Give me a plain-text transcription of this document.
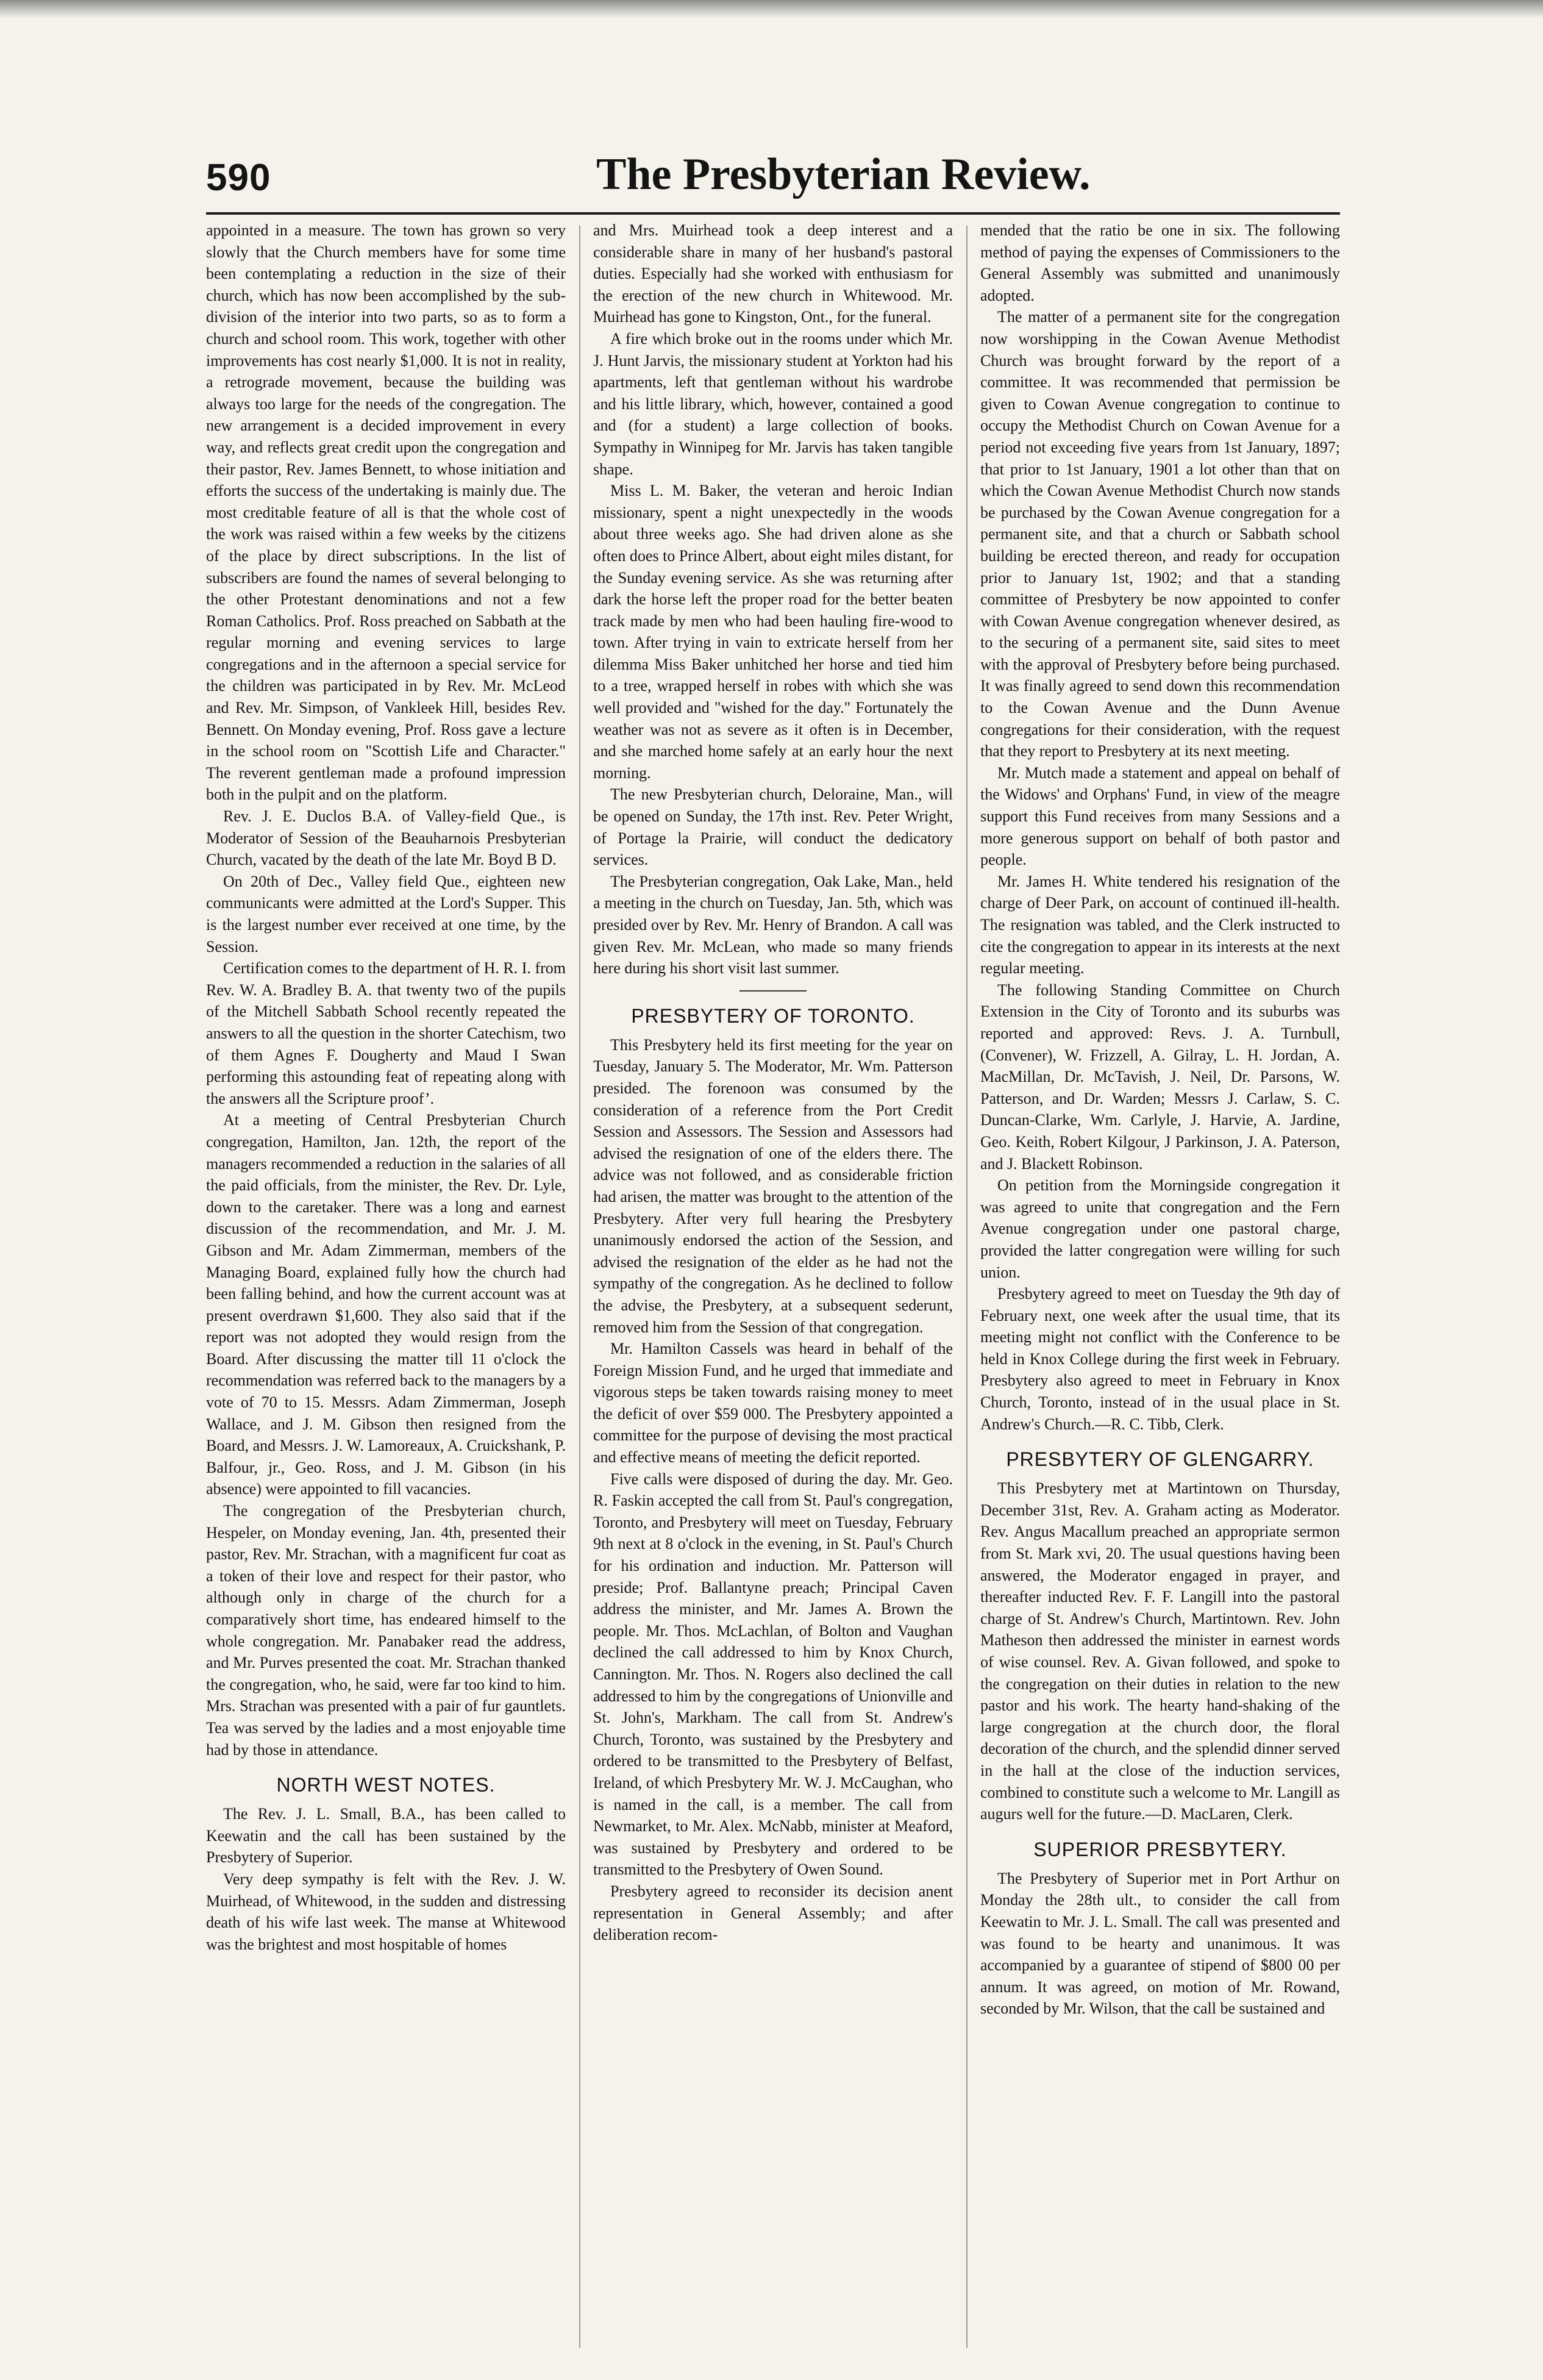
590	The Presbyterian Review.

appointed in a measure. The town has grown so very slowly that the Church members have for some time been contemplating a reduction in the size of their church, which has now been accomplished by the sub-division of the interior into two parts, so as to form a church and school room. This work, together with other improvements has cost nearly $1,000. It is not in reality, a retrograde movement, because the building was always too large for the needs of the congregation. The new arrangement is a decided improvement in every way, and reflects great credit upon the congregation and their pastor, Rev. James Bennett, to whose initiation and efforts the success of the undertaking is mainly due. The most creditable feature of all is that the whole cost of the work was raised within a few weeks by the citizens of the place by direct subscriptions. In the list of subscribers are found the names of several belonging to the other Protestant denominations and not a few Roman Catholics. Prof. Ross preached on Sabbath at the regular morning and evening services to large congregations and in the afternoon a special service for the children was participated in by Rev. Mr. McLeod and Rev. Mr. Simpson, of Vankleek Hill, besides Rev. Bennett. On Monday evening, Prof. Ross gave a lecture in the school room on "Scottish Life and Character." The reverent gentleman made a profound impression both in the pulpit and on the platform.

Rev. J. E. Duclos B.A. of Valley-field Que., is Moderator of Session of the Beauharnois Presbyterian Church, vacated by the death of the late Mr. Boyd B D.

On 20th of Dec., Valley field Que., eighteen new communicants were admitted at the Lord's Supper. This is the largest number ever received at one time, by the Session.

Certification comes to the department of H. R. I. from Rev. W. A. Bradley B. A. that twenty two of the pupils of the Mitchell Sabbath School recently repeated the answers to all the question in the shorter Catechism, two of them Agnes F. Dougherty and Maud I Swan performing this astounding feat of repeating along with the answers all the Scripture proof’.

At a meeting of Central Presbyterian Church congregation, Hamilton, Jan. 12th, the report of the managers recommended a reduction in the salaries of all the paid officials, from the minister, the Rev. Dr. Lyle, down to the caretaker. There was a long and earnest discussion of the recommendation, and Mr. J. M. Gibson and Mr. Adam Zimmerman, members of the Managing Board, explained fully how the church had been falling behind, and how the current account was at present overdrawn $1,600. They also said that if the report was not adopted they would resign from the Board. After discussing the matter till 11 o'clock the recommendation was referred back to the managers by a vote of 70 to 15. Messrs. Adam Zimmerman, Joseph Wallace, and J. M. Gibson then resigned from the Board, and Messrs. J. W. Lamoreaux, A. Cruickshank, P. Balfour, jr., Geo. Ross, and J. M. Gibson (in his absence) were appointed to fill vacancies.

The congregation of the Presbyterian church, Hespeler, on Monday evening, Jan. 4th, presented their pastor, Rev. Mr. Strachan, with a magnificent fur coat as a token of their love and respect for their pastor, who although only in charge of the church for a comparatively short time, has endeared himself to the whole congregation. Mr. Panabaker read the address, and Mr. Purves presented the coat. Mr. Strachan thanked the congregation, who, he said, were far too kind to him. Mrs. Strachan was presented with a pair of fur gauntlets. Tea was served by the ladies and a most enjoyable time had by those in attendance.

NORTH WEST NOTES.

The Rev. J. L. Small, B.A., has been called to Keewatin and the call has been sustained by the Presbytery of Superior.

Very deep sympathy is felt with the Rev. J. W. Muirhead, of Whitewood, in the sudden and distressing death of his wife last week. The manse at Whitewood was the brightest and most hospitable of homes

and Mrs. Muirhead took a deep interest and a considerable share in many of her husband's pastoral duties. Especially had she worked with enthusiasm for the erection of the new church in Whitewood. Mr. Muirhead has gone to Kingston, Ont., for the funeral.

A fire which broke out in the rooms under which Mr. J. Hunt Jarvis, the missionary student at Yorkton had his apartments, left that gentleman without his wardrobe and his little library, which, however, contained a good and (for a student) a large collection of books. Sympathy in Winnipeg for Mr. Jarvis has taken tangible shape.

Miss L. M. Baker, the veteran and heroic Indian missionary, spent a night unexpectedly in the woods about three weeks ago. She had driven alone as she often does to Prince Albert, about eight miles distant, for the Sunday evening service. As she was returning after dark the horse left the proper road for the better beaten track made by men who had been hauling fire-wood to town. After trying in vain to extricate herself from her dilemma Miss Baker unhitched her horse and tied him to a tree, wrapped herself in robes with which she was well provided and "wished for the day." Fortunately the weather was not as severe as it often is in December, and she marched home safely at an early hour the next morning.

The new Presbyterian church, Deloraine, Man., will be opened on Sunday, the 17th inst. Rev. Peter Wright, of Portage la Prairie, will conduct the dedicatory services.

The Presbyterian congregation, Oak Lake, Man., held a meeting in the church on Tuesday, Jan. 5th, which was presided over by Rev. Mr. Henry of Brandon. A call was given Rev. Mr. McLean, who made so many friends here during his short visit last summer.

PRESBYTERY OF TORONTO.

This Presbytery held its first meeting for the year on Tuesday, January 5. The Moderator, Mr. Wm. Patterson presided. The forenoon was consumed by the consideration of a reference from the Port Credit Session and Assessors. The Session and Assessors had advised the resignation of one of the elders there. The advice was not followed, and as considerable friction had arisen, the matter was brought to the attention of the Presbytery. After very full hearing the Presbytery unanimously endorsed the action of the Session, and advised the resignation of the elder as he had not the sympathy of the congregation. As he declined to follow the advise, the Presbytery, at a subsequent sederunt, removed him from the Session of that congregation.

Mr. Hamilton Cassels was heard in behalf of the Foreign Mission Fund, and he urged that immediate and vigorous steps be taken towards raising money to meet the deficit of over $59 000. The Presbytery appointed a committee for the purpose of devising the most practical and effective means of meeting the deficit reported.

Five calls were disposed of during the day. Mr. Geo. R. Faskin accepted the call from St. Paul's congregation, Toronto, and Presbytery will meet on Tuesday, February 9th next at 8 o'clock in the evening, in St. Paul's Church for his ordination and induction. Mr. Patterson will preside; Prof. Ballantyne preach; Principal Caven address the minister, and Mr. James A. Brown the people. Mr. Thos. McLachlan, of Bolton and Vaughan declined the call addressed to him by Knox Church, Cannington. Mr. Thos. N. Rogers also declined the call addressed to him by the congregations of Unionville and St. John's, Markham. The call from St. Andrew's Church, Toronto, was sustained by the Presbytery and ordered to be transmitted to the Presbytery of Belfast, Ireland, of which Presbytery Mr. W. J. McCaughan, who is named in the call, is a member. The call from Newmarket, to Mr. Alex. McNabb, minister at Meaford, was sustained by Presbytery and ordered to be transmitted to the Presbytery of Owen Sound.

Presbytery agreed to reconsider its decision anent representation in General Assembly; and after deliberation recom-

mended that the ratio be one in six. The following method of paying the expenses of Commissioners to the General Assembly was submitted and unanimously adopted.

The matter of a permanent site for the congregation now worshipping in the Cowan Avenue Methodist Church was brought forward by the report of a committee. It was recommended that permission be given to Cowan Avenue congregation to continue to occupy the Methodist Church on Cowan Avenue for a period not exceeding five years from 1st January, 1897; that prior to 1st January, 1901 a lot other than that on which the Cowan Avenue Methodist Church now stands be purchased by the Cowan Avenue congregation for a permanent site, and that a church or Sabbath school building be erected thereon, and ready for occupation prior to January 1st, 1902; and that a standing committee of Presbytery be now appointed to confer with Cowan Avenue congregation whenever desired, as to the securing of a permanent site, said sites to meet with the approval of Presbytery before being purchased. It was finally agreed to send down this recommendation to the Cowan Avenue and the Dunn Avenue congregations for their consideration, with the request that they report to Presbytery at its next meeting.

Mr. Mutch made a statement and appeal on behalf of the Widows' and Orphans' Fund, in view of the meagre support this Fund receives from many Sessions and a more generous support on behalf of both pastor and people.

Mr. James H. White tendered his resignation of the charge of Deer Park, on account of continued ill-health. The resignation was tabled, and the Clerk instructed to cite the congregation to appear in its interests at the next regular meeting.

The following Standing Committee on Church Extension in the City of Toronto and its suburbs was reported and approved: Revs. J. A. Turnbull, (Convener), W. Frizzell, A. Gilray, L. H. Jordan, A. MacMillan, Dr. McTavish, J. Neil, Dr. Parsons, W. Patterson, and Dr. Warden; Messrs J. Carlaw, S. C. Duncan-Clarke, Wm. Carlyle, J. Harvie, A. Jardine, Geo. Keith, Robert Kilgour, J Parkinson, J. A. Paterson, and J. Blackett Robinson.

On petition from the Morningside congregation it was agreed to unite that congregation and the Fern Avenue congregation under one pastoral charge, provided the latter congregation were willing for such union.

Presbytery agreed to meet on Tuesday the 9th day of February next, one week after the usual time, that its meeting might not conflict with the Conference to be held in Knox College during the first week in February. Presbytery also agreed to meet in February in Knox Church, Toronto, instead of in the usual place in St. Andrew's Church.—R. C. Tibb, Clerk.

PRESBYTERY OF GLENGARRY.

This Presbytery met at Martintown on Thursday, December 31st, Rev. A. Graham acting as Moderator. Rev. Angus Macallum preached an appropriate sermon from St. Mark xvi, 20. The usual questions having been answered, the Moderator engaged in prayer, and thereafter inducted Rev. F. F. Langill into the pastoral charge of St. Andrew's Church, Martintown. Rev. John Matheson then addressed the minister in earnest words of wise counsel. Rev. A. Givan followed, and spoke to the congregation on their duties in relation to the new pastor and his work. The hearty hand-shaking of the large congregation at the church door, the floral decoration of the church, and the splendid dinner served in the hall at the close of the induction services, combined to constitute such a welcome to Mr. Langill as augurs well for the future.—D. MacLaren, Clerk.

SUPERIOR PRESBYTERY.

The Presbytery of Superior met in Port Arthur on Monday the 28th ult., to consider the call from Keewatin to Mr. J. L. Small. The call was presented and was found to be hearty and unanimous. It was accompanied by a guarantee of stipend of $800 00 per annum. It was agreed, on motion of Mr. Rowand, seconded by Mr. Wilson, that the call be sustained and
